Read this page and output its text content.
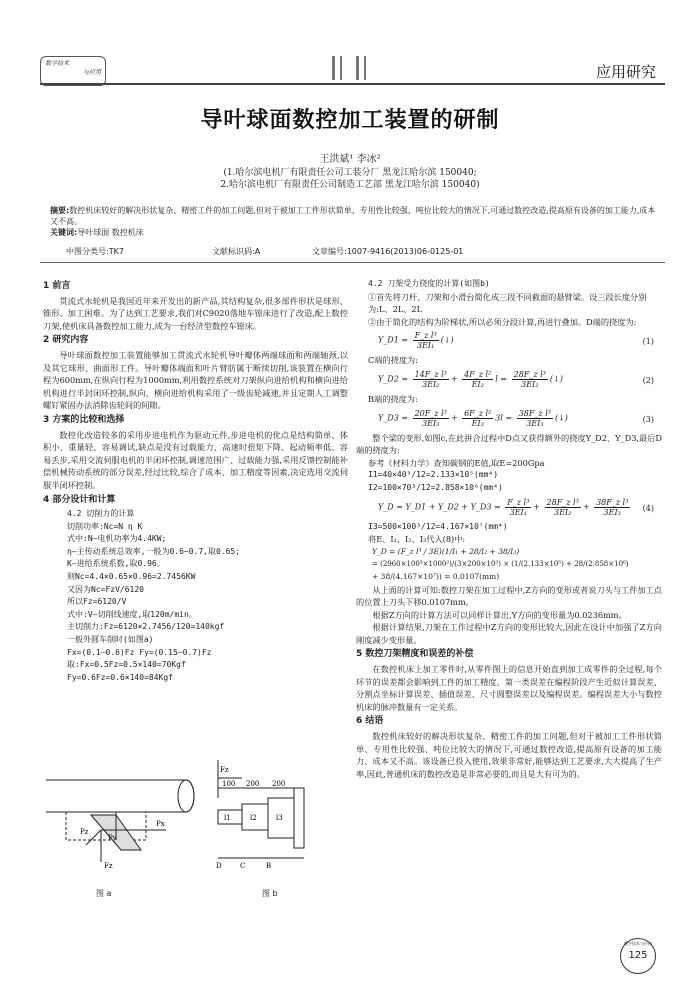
数学技术
与应用	应用研究
导叶球面数控加工装置的研制
王洪斌¹ 李冰²
(1.哈尔滨电机厂有限责任公司工装分厂 黑龙江哈尔滨 150040;
2.哈尔滨电机厂有限责任公司制造工艺部 黑龙江哈尔滨 150040)
摘要:数控机床较好的解决形状复杂、精密工件的加工问题,但对于被加工工件形状简单、专用性比较强、吨位比较大的情况下,可通过数控改造,提高原有设备的加工能力,成本又不高。
关键词:导叶球面 数控机床
中图分类号:TK7	文献标识码:A	文章编号:1007-9416(2013)06-0125-01
1 前言

贯流式水轮机是我国近年来开发出的新产品,其结构复杂,很多部件形状是球形、锥形、加工困难。为了达到工艺要求,我们对C9020落地车镗床进行了改造,配上数控刀架,使机床具备数控加工能力,成为一台经济型数控车镗床。

2 研究内容

导叶球面数控加工装置能够加工贯流式水轮机导叶瓣体两端球面和两端轴颈,以及其它球形、曲面形工件。导叶瓣体端面和叶片臂肪属于断续切削,该装置在横向行程为600mm,在纵向行程为1000mm,利用数控系统对刀架纵向进给机构和横向进给机构进行半封闭环控制,纵向、横向进给机构采用了一级齿轮减速,并且定期人工调整螺钉紧固办法消除齿轮间的间隙。

3 方案的比较和选择

数控化改造较多的采用步进电机作为驱动元件,步进电机的优点是结构简单、体积小、重量轻、容易调试,缺点是没有过载能力、高速时扭矩下降、起动频率低、容易丢步,采用交流伺服电机的半闭环控制,调速范围广、过载能力强,采用反馈控制能补偿机械传动系统的部分误差,经过比较,综合了成本、加工精度等因素,决定选用交流伺服半闭环控制。

4 部分设计和计算

4.2 切削力的计算

切削功率:Nc=N η K

式中:N—电机功率为4.4KW;

η—主传动系统总效率,一般为0.6~0.7,取0.65;

K—进给系统系数,取0.96。

则Nc=4.4×0.65×0.96=2.7456KW

又因为Nc=FzV/6120

所以Fz=6120/V

式中:V—切削线速度,取120m/min。

主切削力:Fz=6120×2.7456/120=140kgf

一般外圆车削时(如图a)

Fx=(0.1—0.6)Fz Fy=(0.15—0.7)Fz

取:Fx=0.5Fz=0.5×140=70Kgf

Fy=0.6Fz=0.6×140=84Kgf

Px
Pz
Py
Fz
图 a
Fz
100 200 200
l1	l2	l3
D	C	B
图 b

4.2 刀架受力挠度的计算(如图b)

①首先将刀杆、刀架和小滑台简化成三段不同截面的悬臂梁。设三段长度分别为:L、2L、2L

②由于简化的结构为阶梯状,所以必须分段计算,再进行叠加。D端的挠度为:

Y_D1 = $\frac{\text{F\_z l³}}{\text{3EI₁}}$ (↓)	(1)

C端的挠度为:

Y_D2 = $\frac{\text{14F\_z l³}}{\text{3EI₂}} + \frac{\text{4F\_z l²}}{\text{EI₂}}$ $l = \frac{\text{28F\_z l³}}{\text{3EI₂}}$ (↓)	(2)

B端的挠度为:

Y_D3 = $\frac{\text{20F\_z l³}}{\text{3EI₃}} + \frac{\text{6F\_z l²}}{\text{EI₃}} 3l = \frac{\text{38F\_z l³}}{\text{3EI₃}}$ (↓)	(3)

整个梁的变形,如图c,在此拼合过程中D点又获得额外的挠度Y_D2、Y_D3,最后D端的挠度为:

参考《材料力学》查知碳钢的E值,取E=200Gpa

I1=40×40³/12=2.133×10⁵(mm⁴)

I2=100×70³/12=2.858×10⁶(mm⁴)

Y_D = Y_D1 + Y_D2 + Y_D3 = $\frac{\text{F\_z l³}}{\text{3EI₁}} + \frac{\text{28F\_z l³}}{\text{3EI₂}} + \frac{\text{38F\_z l³}}{\text{3EI₃}} (4)$

I3=500×100³/12=4.167×10⁷(mm⁴)

将E、I₁、I₂、I₃代入(8)中:

Y_D = (F_z l³ / 3E)(1/I₁ + 28/I₂ + 38/I₃)

= (2960×100³×1000²)/(3×200×10³) × (1/(2.133×10⁵) + 28/(2.858×10⁶)

+ 38/(4.167×10⁷)) = 0.0107(mm)

从上面的计算可知:数控刀架在加工过程中,Z方向的变形或者说刀头与工件加工点的位置上刀头下移0.0107mm。

根据Z方向的计算方法可以同样计算出,Y方向的变形量为0.0236mm。

根据计算结果,刀架在工作过程中Z方向的变形比较大,因此在设计中加强了Z方向刚度减少变形量。

5 数控刀架精度和误差的补偿

在数控机床上加工零件时,从零件图上的信息开始直到加工成零件的全过程,每个环节的误差都会影响到工件的加工精度。第一类误差在编程阶段产生近似计算误差、分割点坐标计算误差、插值误差、尺寸圆整误差以及编程误差。编程误差大小与数控机床的脉冲数量有一定关系。

6 结语

数控机床较好的解决形状复杂、精密工件的加工问题,但对于被加工工件形状简单、专用性比较强、吨位比较大的情况下,可通过数控改造,提高原有设备的加工能力、成本又不高。该设备已投入使用,效果非常好,能够达到工艺要求,大大提高了生产率,因此,普通机床的数控改造是非常必要的,而且是大有可为的。

数字技术与应用
125
